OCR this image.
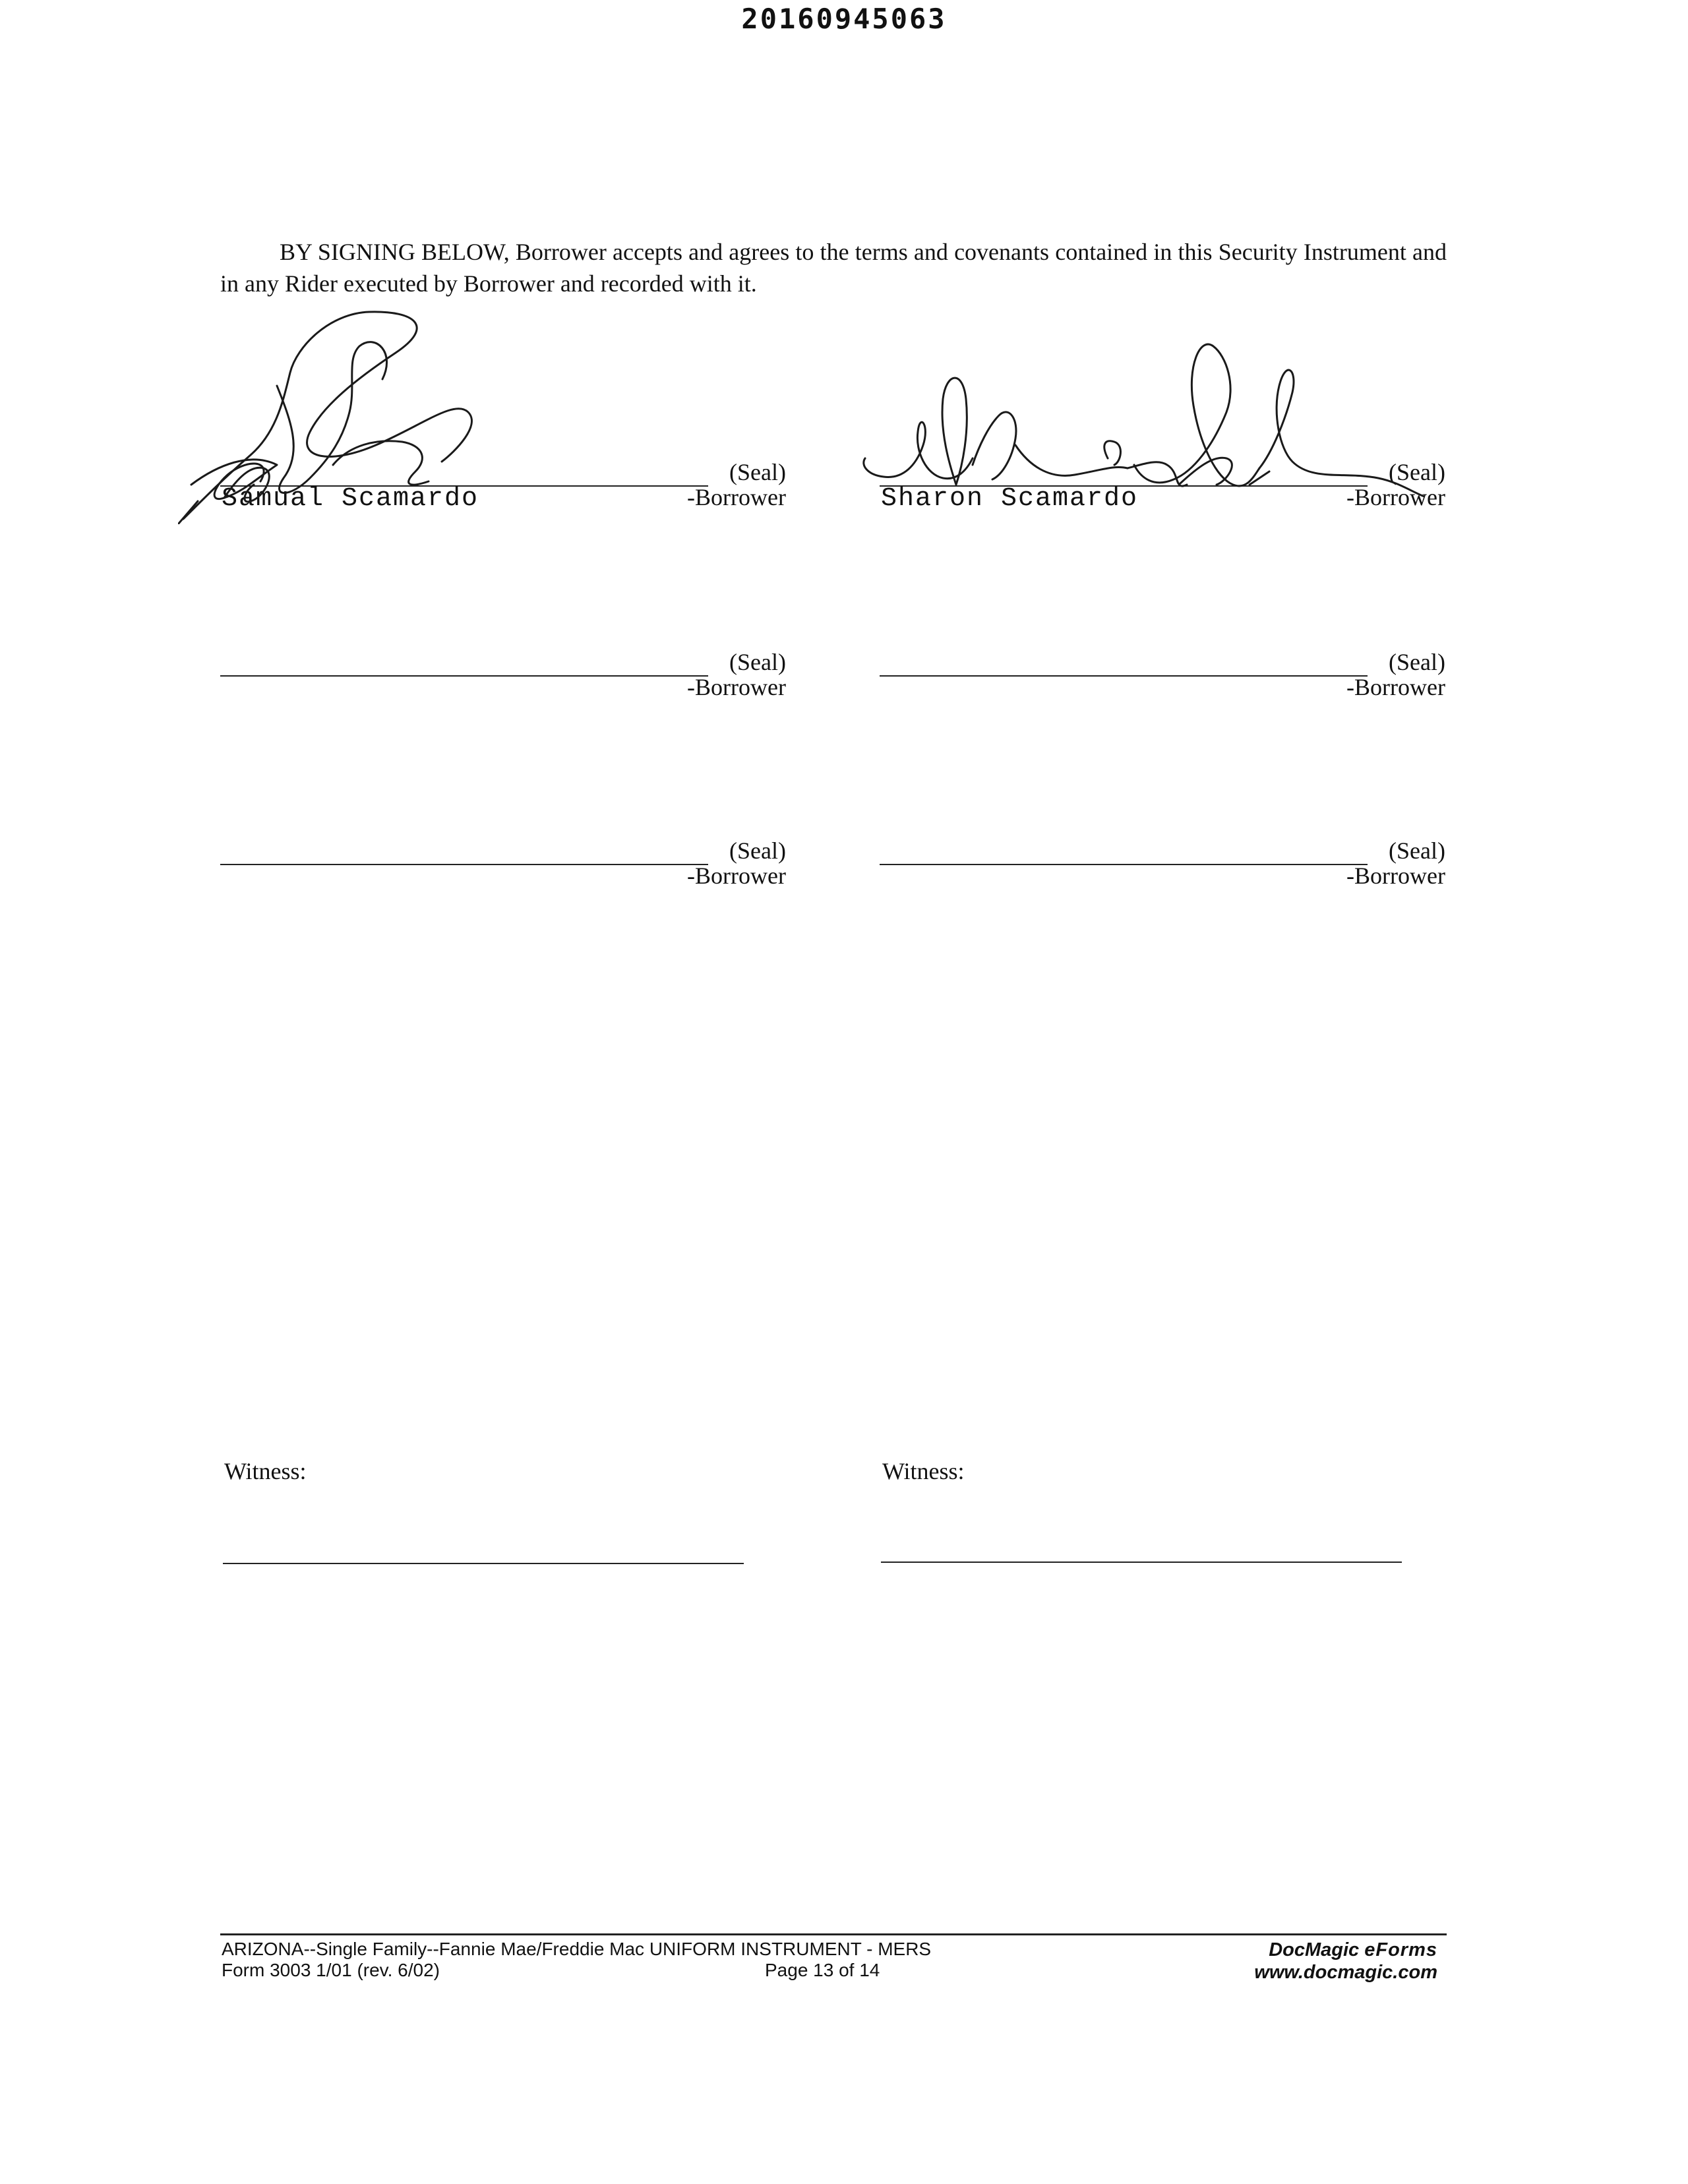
20160945063
BY SIGNING BELOW, Borrower accepts and agrees to the terms and covenants contained in this Security Instrument and in any Rider executed by Borrower and recorded with it.
(Seal)
-Borrower
Samual Scamardo
(Seal)
-Borrower
Sharon Scamardo
(Seal)
-Borrower
(Seal)
-Borrower
(Seal)
-Borrower
(Seal)
-Borrower
Witness:	Witness:
ARIZONA--Single Family--Fannie Mae/Freddie Mac UNIFORM INSTRUMENT - MERS
Form 3003 1/01 (rev. 6/02)	Page 13 of 14
DocMagic eForms
www.docmagic.com
